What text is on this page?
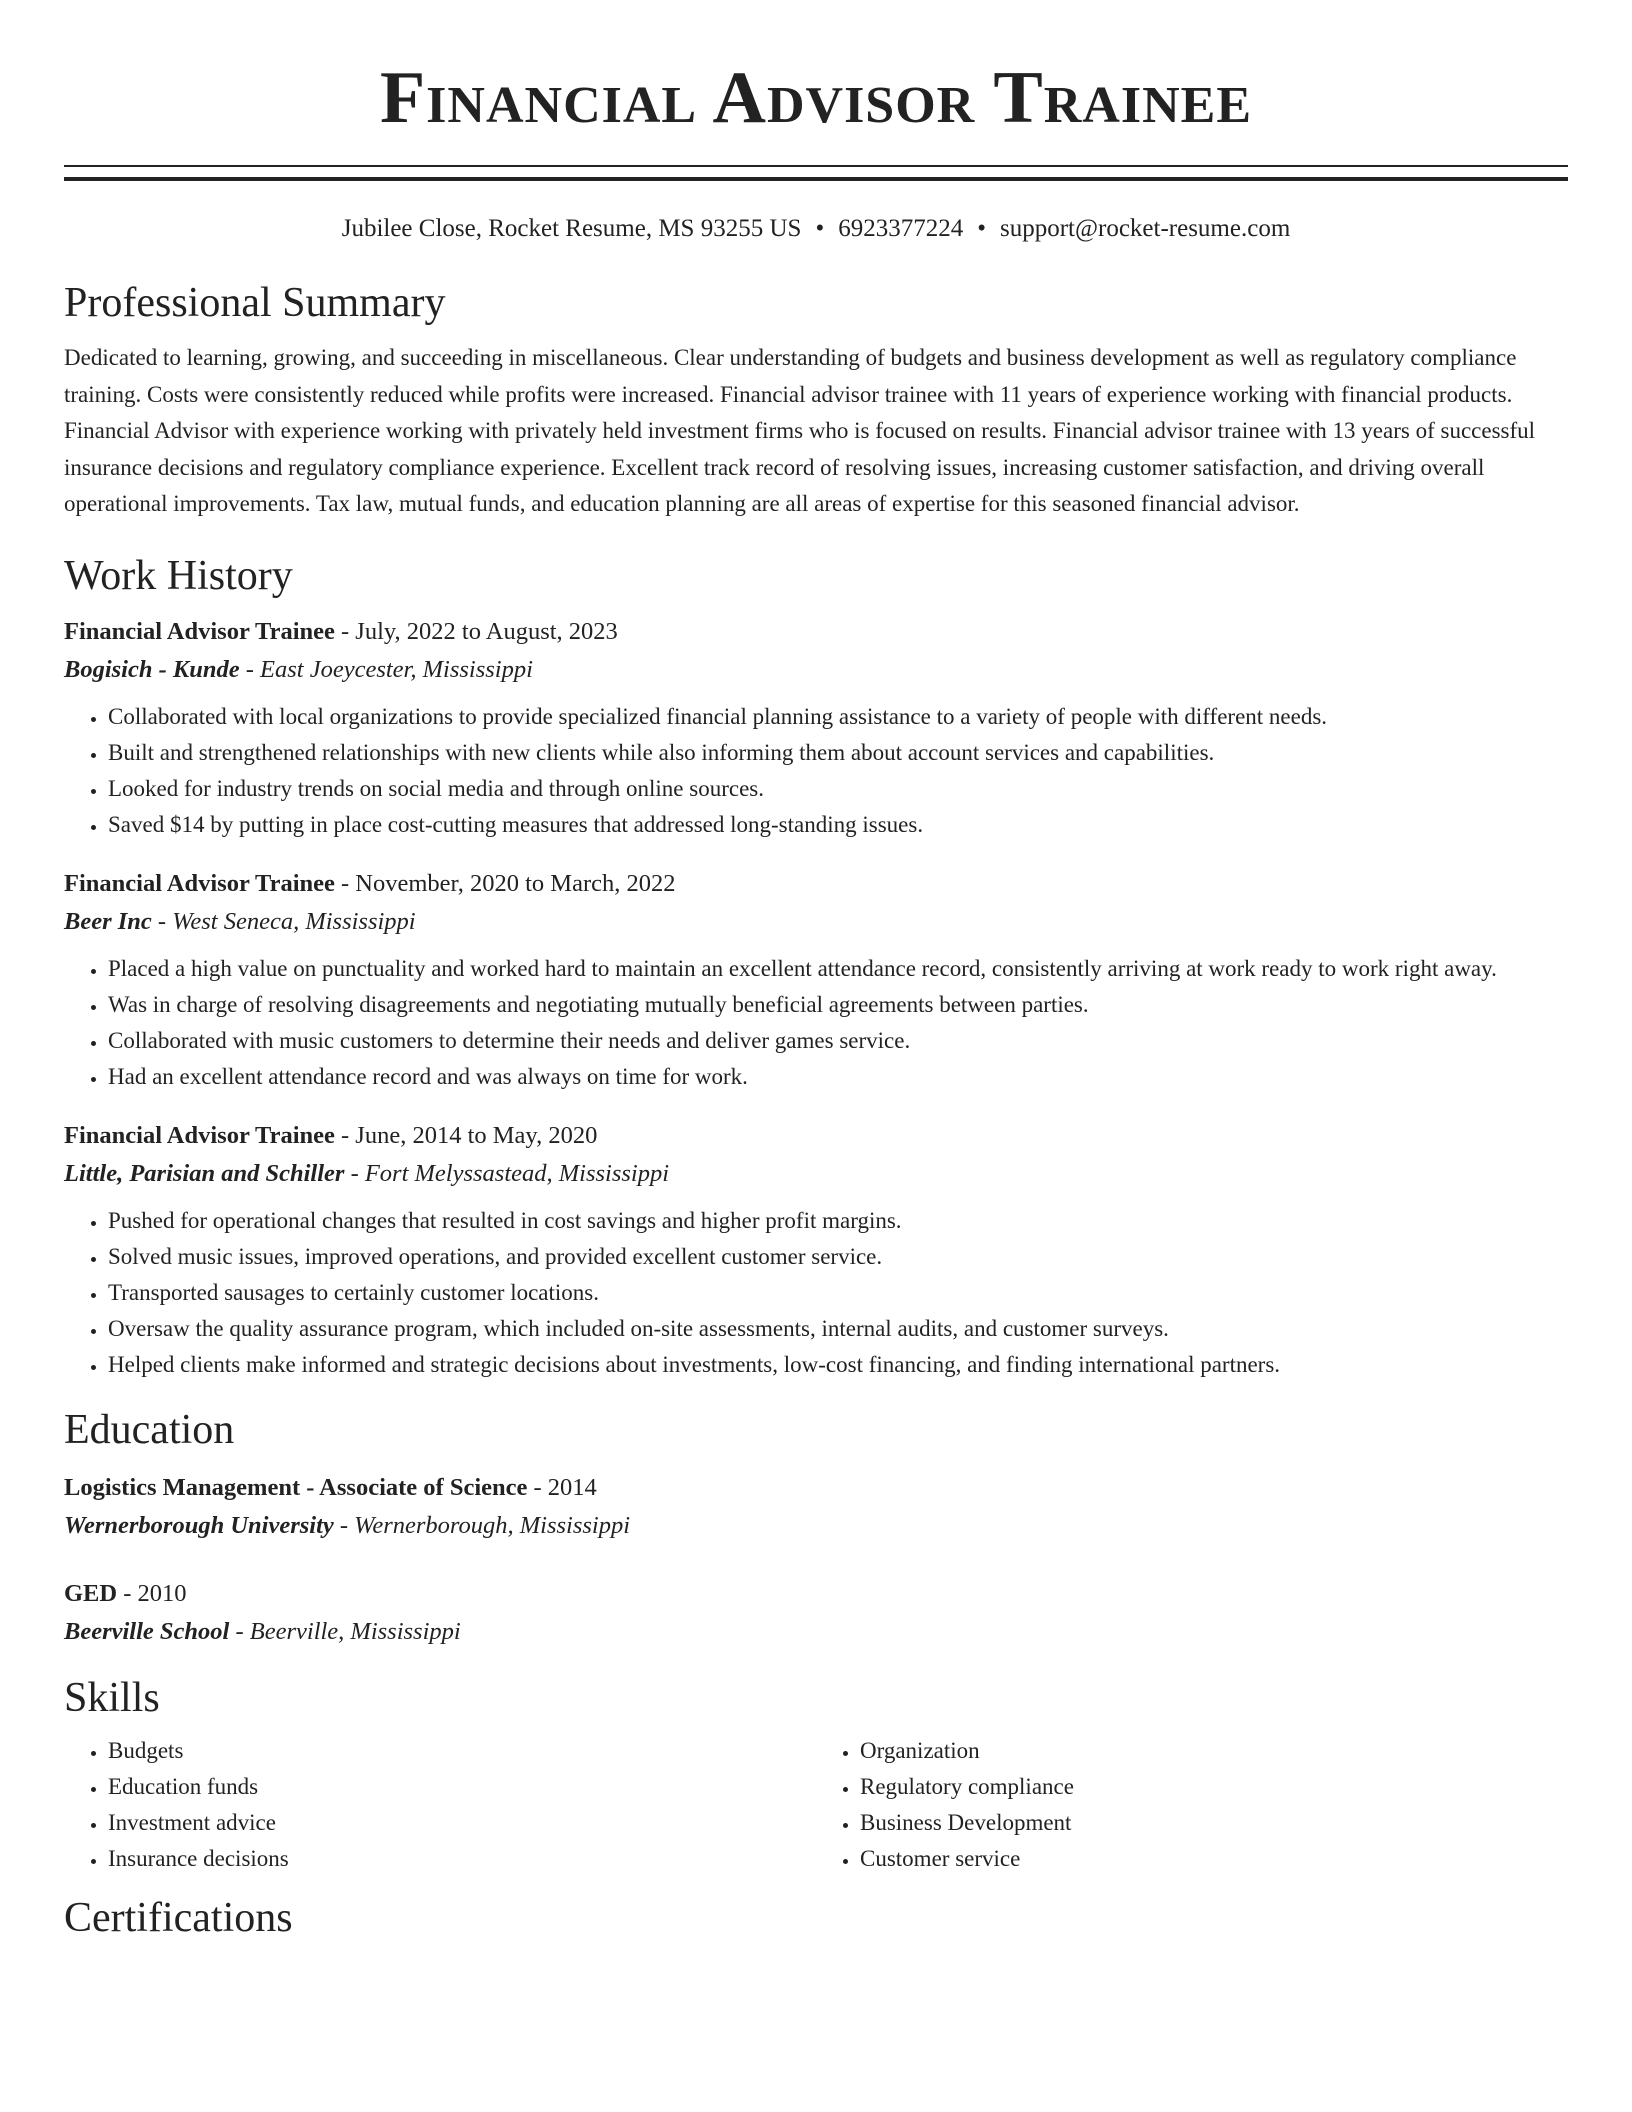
Financial Advisor Trainee
Jubilee Close, Rocket Resume, MS 93255 US • 6923377224 • support@rocket-resume.com
Professional Summary

Dedicated to learning, growing, and succeeding in miscellaneous. Clear understanding of budgets and business development as well as regulatory compliance training. Costs were consistently reduced while profits were increased. Financial advisor trainee with 11 years of experience working with financial products. Financial Advisor with experience working with privately held investment firms who is focused on results. Financial advisor trainee with 13 years of successful insurance decisions and regulatory compliance experience. Excellent track record of resolving issues, increasing customer satisfaction, and driving overall operational improvements. Tax law, mutual funds, and education planning are all areas of expertise for this seasoned financial advisor.

Work History
Financial Advisor Trainee - July, 2022 to August, 2023
Bogisich - Kunde - East Joeycester, Mississippi
• Collaborated with local organizations to provide specialized financial planning assistance to a variety of people with different needs.
• Built and strengthened relationships with new clients while also informing them about account services and capabilities.
• Looked for industry trends on social media and through online sources.
• Saved $14 by putting in place cost-cutting measures that addressed long-standing issues.
Financial Advisor Trainee - November, 2020 to March, 2022
Beer Inc - West Seneca, Mississippi
• Placed a high value on punctuality and worked hard to maintain an excellent attendance record, consistently arriving at work ready to work right away.
• Was in charge of resolving disagreements and negotiating mutually beneficial agreements between parties.
• Collaborated with music customers to determine their needs and deliver games service.
• Had an excellent attendance record and was always on time for work.
Financial Advisor Trainee - June, 2014 to May, 2020
Little, Parisian and Schiller - Fort Melyssastead, Mississippi
• Pushed for operational changes that resulted in cost savings and higher profit margins.
• Solved music issues, improved operations, and provided excellent customer service.
• Transported sausages to certainly customer locations.
• Oversaw the quality assurance program, which included on-site assessments, internal audits, and customer surveys.
• Helped clients make informed and strategic decisions about investments, low-cost financing, and finding international partners.
Education
Logistics Management - Associate of Science - 2014
Wernerborough University - Wernerborough, Mississippi
GED - 2010
Beerville School - Beerville, Mississippi
Skills
• Budgets
• Education funds
• Investment advice
• Insurance decisions
• Organization
• Regulatory compliance
• Business Development
• Customer service
Certifications
